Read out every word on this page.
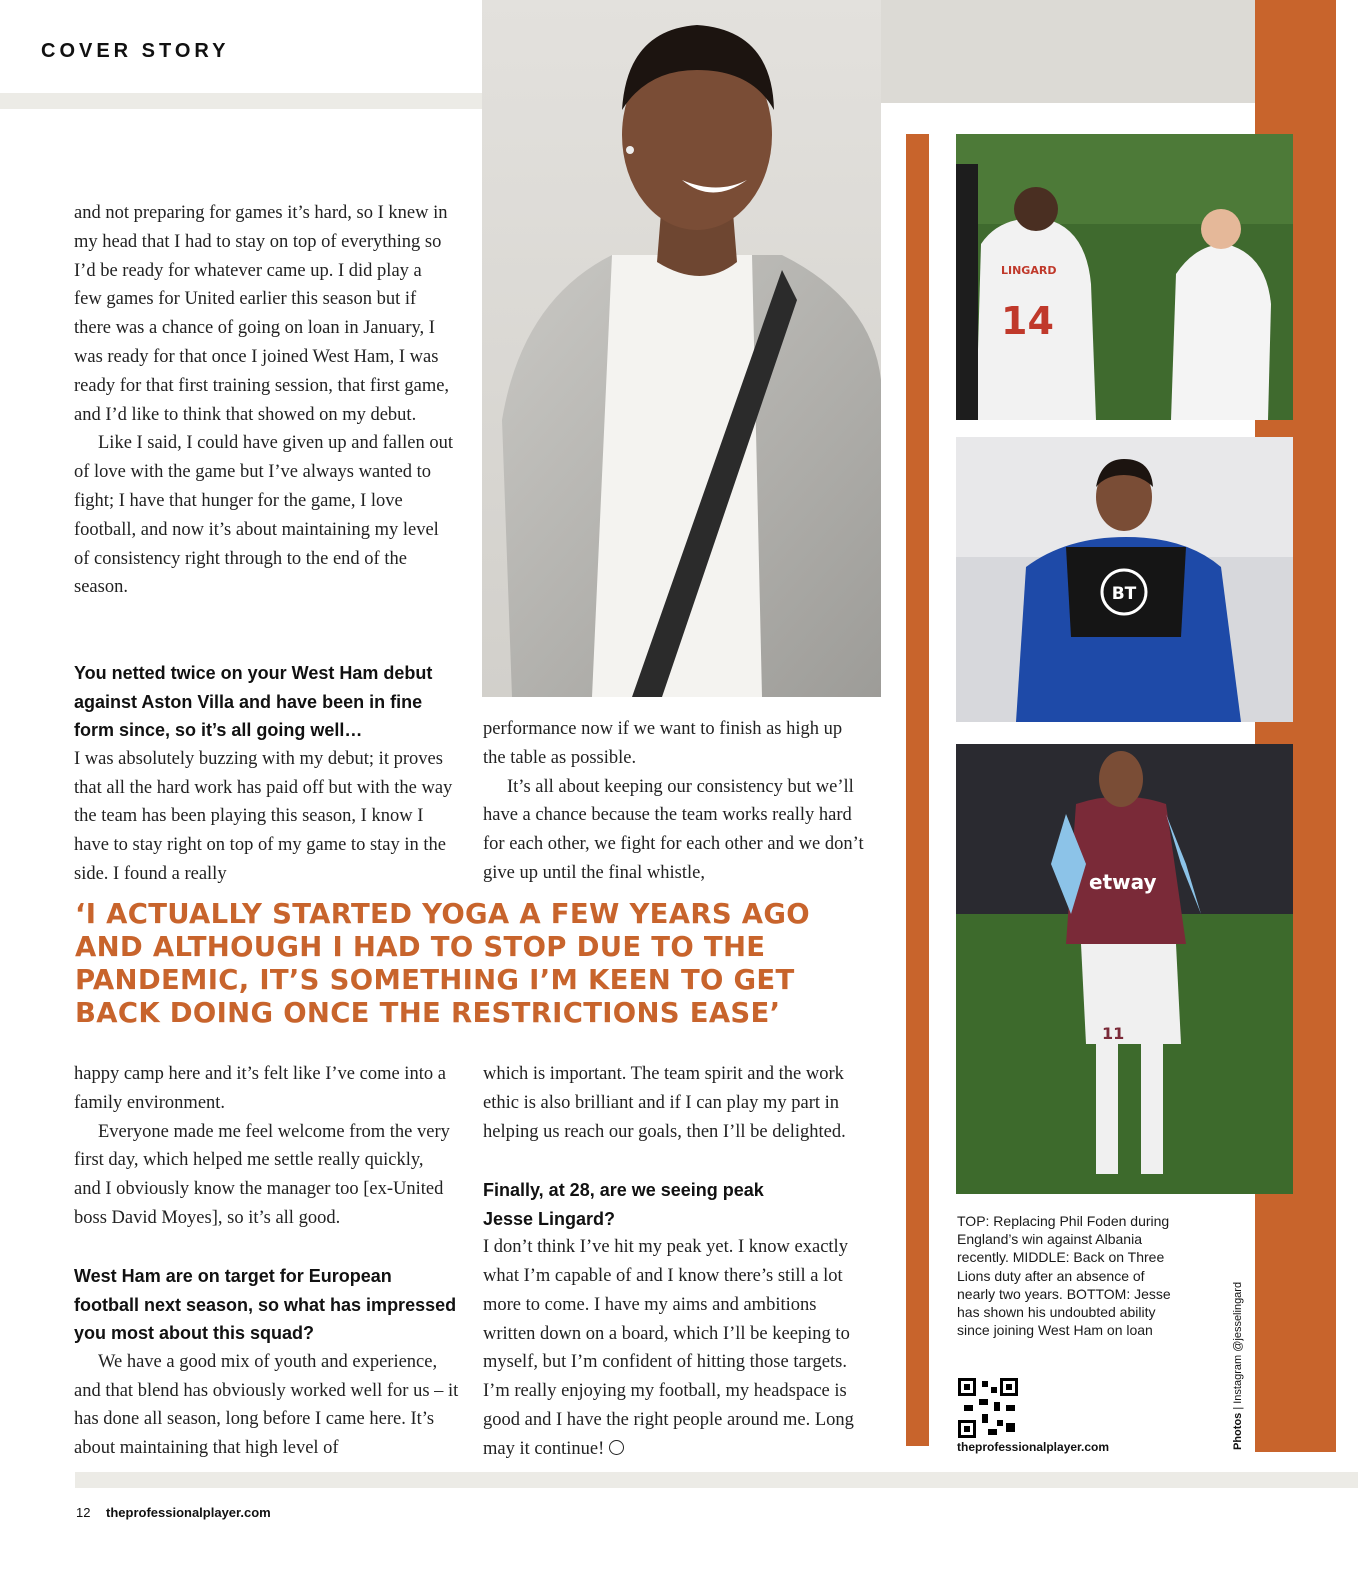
COVER STORY
14
LINGARD
BT
etway
11
TOP: Replacing Phil Foden during England’s win against Albania recently. MIDDLE: Back on Three Lions duty after an absence of nearly two years. BOTTOM: Jesse has shown his undoubted ability since joining West Ham on loan
theprofessionalplayer.com	Photos | Instagram @jesselingard

and not preparing for games it’s hard, so I knew in my head that I had to stay on top of everything so I’d be ready for whatever came up. I did play a few games for United earlier this season but if there was a chance of going on loan in January, I was ready for that once I joined West Ham, I was ready for that first training session, that first game, and I’d like to think that showed on my debut.

Like I said, I could have given up and fallen out of love with the game but I’ve always wanted to fight; I have that hunger for the game, I love football, and now it’s about maintaining my level of consistency right through to the end of the season.

You netted twice on your West Ham debut against Aston Villa and have been in fine form since, so it’s all going well…

I was absolutely buzzing with my debut; it proves that all the hard work has paid off but with the way the team has been playing this season, I know I have to stay right on top of my game to stay in the side. I found a really

performance now if we want to finish as high up the table as possible.

It’s all about keeping our consistency but we’ll have a chance because the team works really hard for each other, we fight for each other and we don’t give up until the final whistle,

‘I ACTUALLY STARTED YOGA A FEW YEARS AGO AND ALTHOUGH I HAD TO STOP DUE TO THE PANDEMIC, IT’S SOMETHING I’M KEEN TO GET BACK DOING ONCE THE RESTRICTIONS EASE’

happy camp here and it’s felt like I’ve come into a family environment.

Everyone made me feel welcome from the very first day, which helped me settle really quickly, and I obviously know the manager too [ex-United boss David Moyes], so it’s all good.

West Ham are on target for European football next season, so what has impressed you most about this squad?

We have a good mix of youth and experience, and that blend has obviously worked well for us – it has done all season, long before I came here. It’s about maintaining that high level of

which is important. The team spirit and the work ethic is also brilliant and if I can play my part in helping us reach our goals, then I’ll be delighted.

Finally, at 28, are we seeing peak Jesse Lingard?

I don’t think I’ve hit my peak yet. I know exactly what I’m capable of and I know there’s still a lot more to come. I have my aims and ambitions written down on a board, which I’ll be keeping to myself, but I’m confident of hitting those targets. I’m really enjoying my football, my headspace is good and I have the right people around me. Long may it continue!

12 theprofessionalplayer.com
